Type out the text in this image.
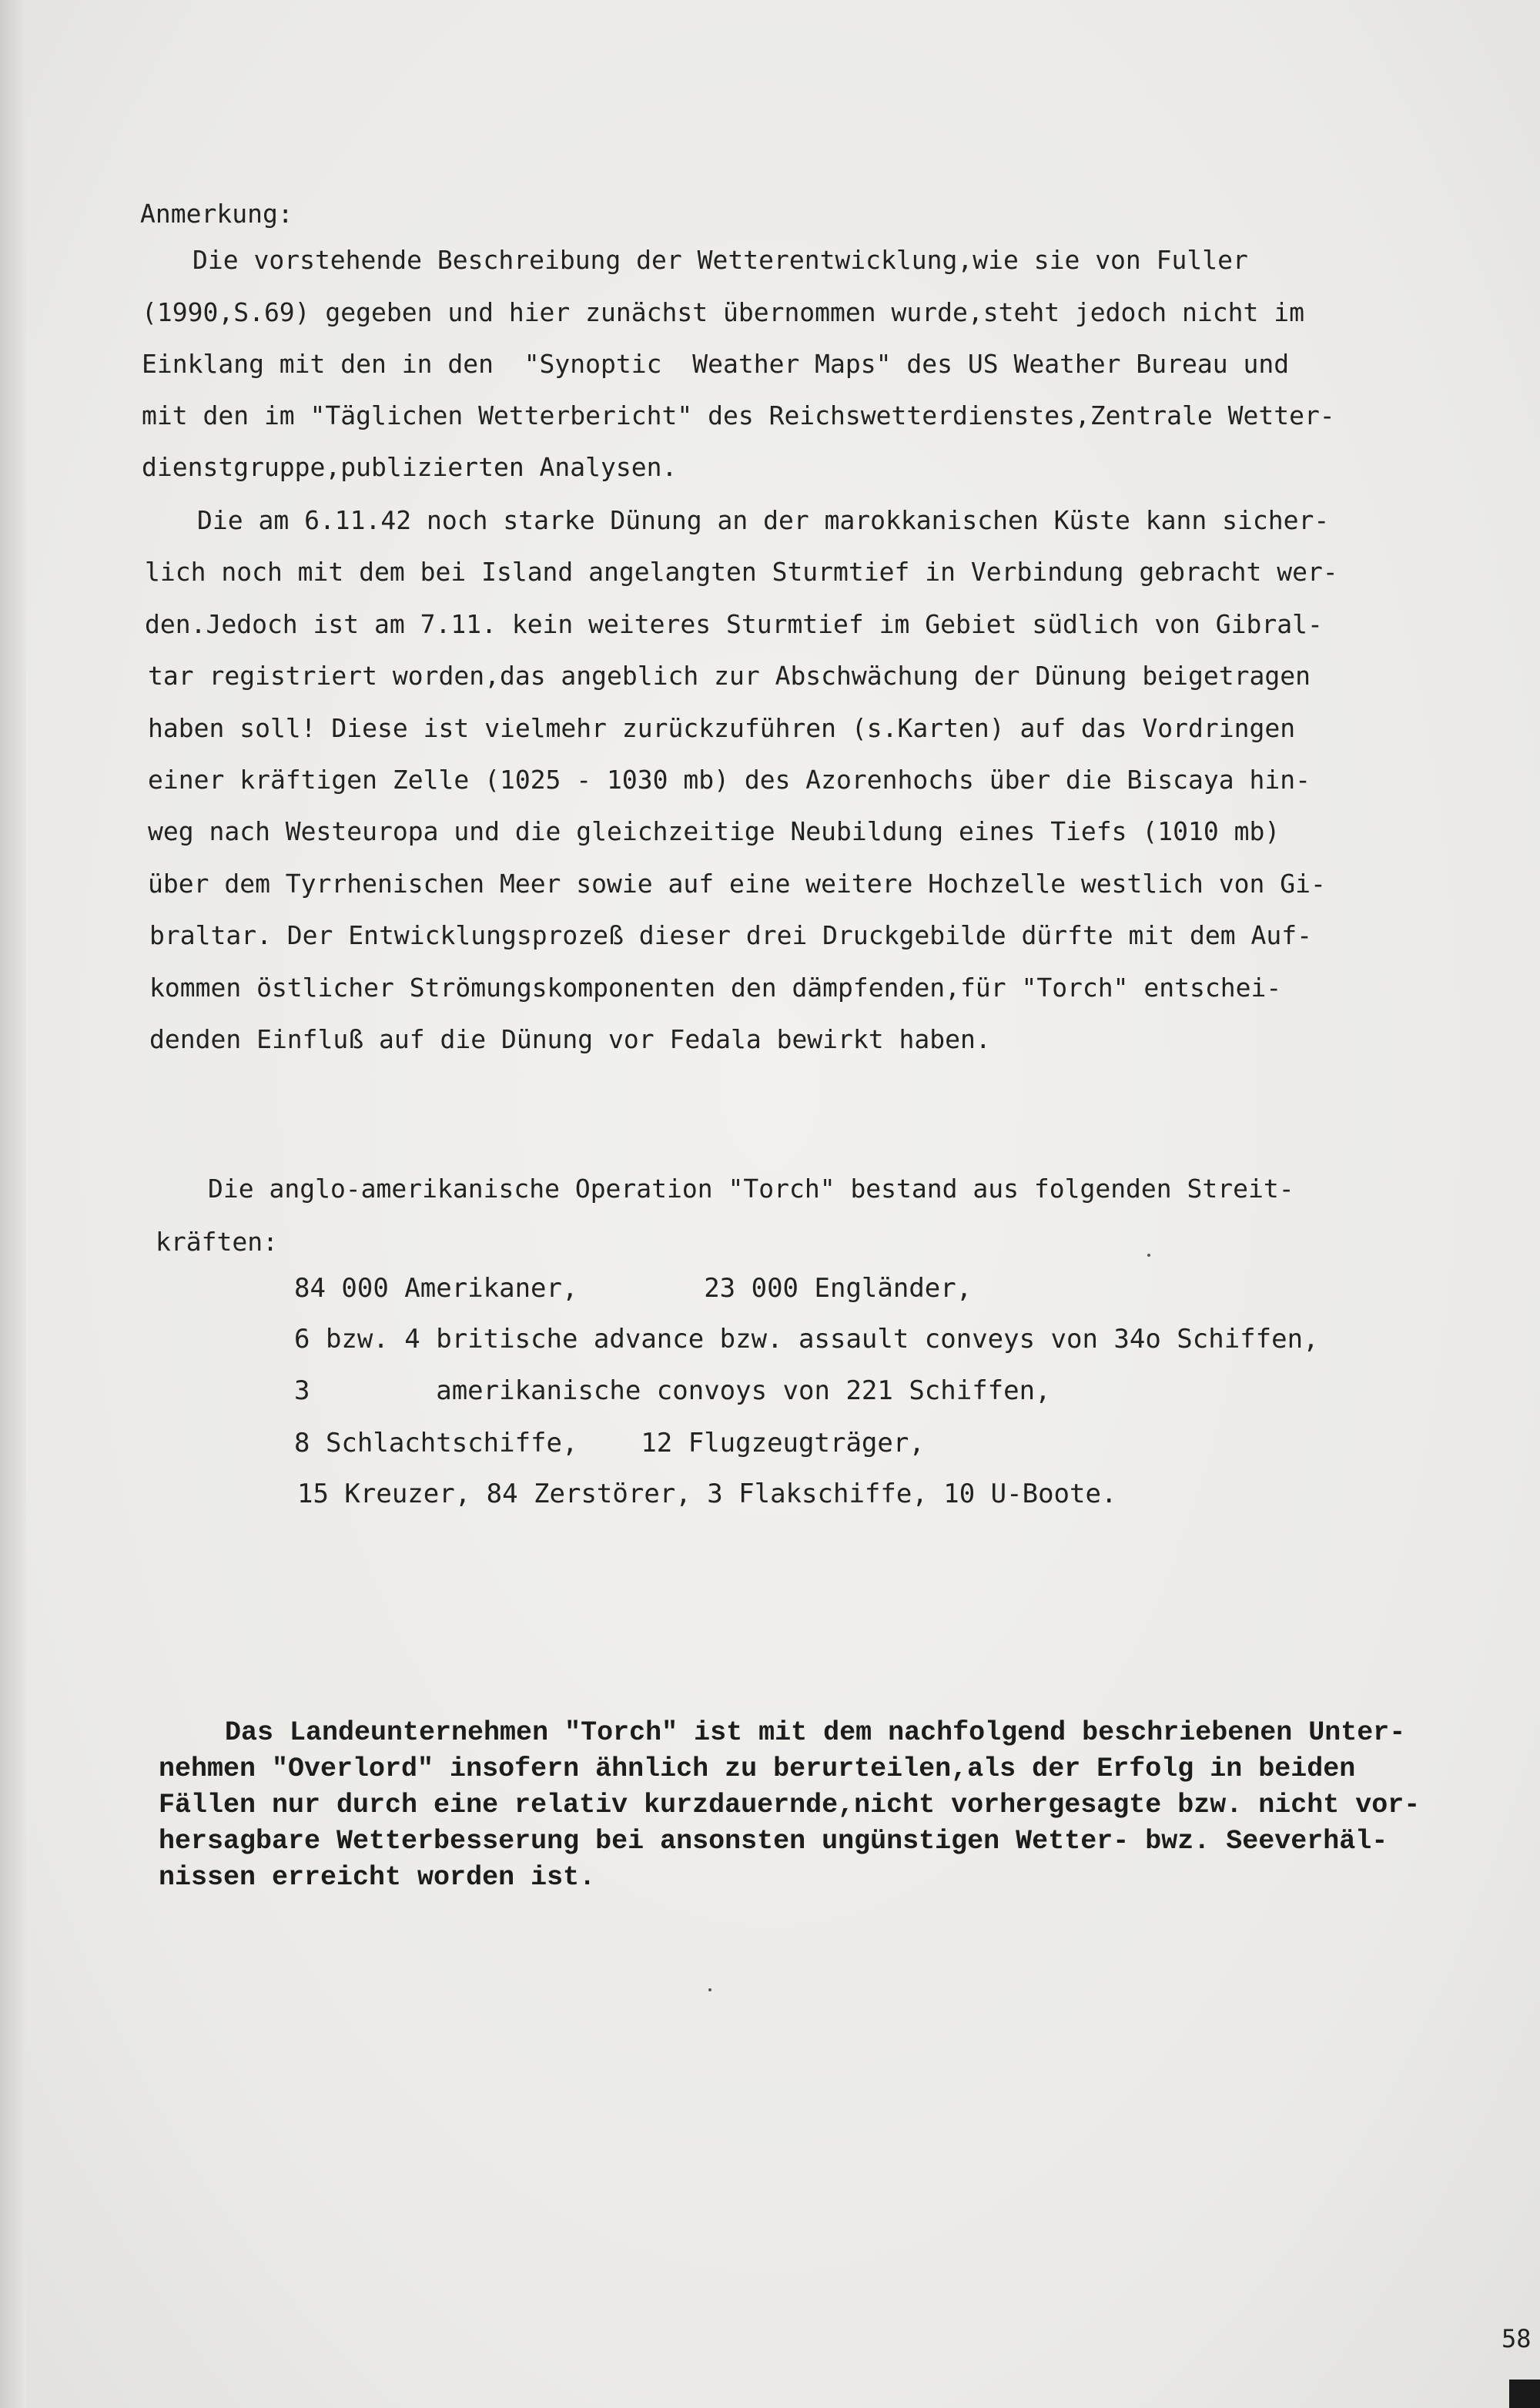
Anmerkung:
Die vorstehende Beschreibung der Wetterentwicklung,wie sie von Fuller
(1990,S.69) gegeben und hier zunächst übernommen wurde,steht jedoch nicht im
Einklang mit den in den  "Synoptic  Weather Maps" des US Weather Bureau und
mit den im "Täglichen Wetterbericht" des Reichswetterdienstes,Zentrale Wetter-
dienstgruppe,publizierten Analysen.
Die am 6.11.42 noch starke Dünung an der marokkanischen Küste kann sicher-
lich noch mit dem bei Island angelangten Sturmtief in Verbindung gebracht wer-
den.Jedoch ist am 7.11. kein weiteres Sturmtief im Gebiet südlich von Gibral-
tar registriert worden,das angeblich zur Abschwächung der Dünung beigetragen
haben soll! Diese ist vielmehr zurückzuführen (s.Karten) auf das Vordringen
einer kräftigen Zelle (1025 - 1030 mb) des Azorenhochs über die Biscaya hin-
weg nach Westeuropa und die gleichzeitige Neubildung eines Tiefs (1010 mb)
über dem Tyrrhenischen Meer sowie auf eine weitere Hochzelle westlich von Gi-
braltar. Der Entwicklungsprozeß dieser drei Druckgebilde dürfte mit dem Auf-
kommen östlicher Strömungskomponenten den dämpfenden,für "Torch" entschei-
denden Einfluß auf die Dünung vor Fedala bewirkt haben.
Die anglo-amerikanische Operation "Torch" bestand aus folgenden Streit-
kräften:
84 000 Amerikaner,        23 000 Engländer,
6 bzw. 4 britische advance bzw. assault conveys von 34o Schiffen,
3        amerikanische convoys von 221 Schiffen,
8 Schlachtschiffe,    12 Flugzeugträger,
15 Kreuzer, 84 Zerstörer, 3 Flakschiffe, 10 U-Boote.
Das Landeunternehmen "Torch" ist mit dem nachfolgend beschriebenen Unter-
nehmen "Overlord" insofern ähnlich zu berurteilen,als der Erfolg in beiden
Fällen nur durch eine relativ kurzdauernde,nicht vorhergesagte bzw. nicht vor-
hersagbare Wetterbesserung bei ansonsten ungünstigen Wetter- bwz. Seeverhäl-
nissen erreicht worden ist.
58
